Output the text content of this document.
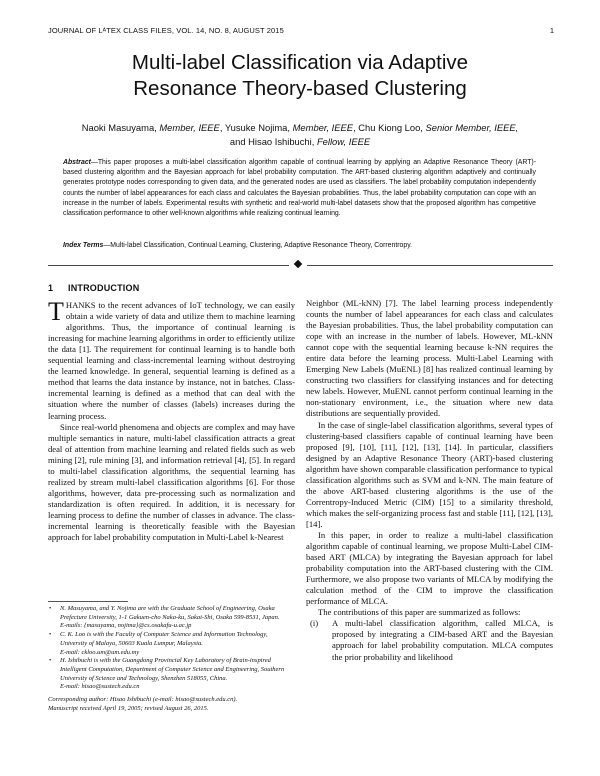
JOURNAL OF LᴬTEX CLASS FILES, VOL. 14, NO. 8, AUGUST 2015	1
Multi-label Classification via Adaptive
Resonance Theory-based Clustering
Naoki Masuyama, Member, IEEE, Yusuke Nojima, Member, IEEE, Chu Kiong Loo, Senior Member, IEEE,
and Hisao Ishibuchi, Fellow, IEEE
Abstract—This paper proposes a multi-label classification algorithm capable of continual learning by applying an Adaptive Resonance Theory (ART)-based clustering algorithm and the Bayesian approach for label probability computation. The ART-based clustering algorithm adaptively and continually generates prototype nodes corresponding to given data, and the generated nodes are used as classifiers. The label probability computation independently counts the number of label appearances for each class and calculates the Bayesian probabilities. Thus, the label probability computation can cope with an increase in the number of labels. Experimental results with synthetic and real-world multi-label datasets show that the proposed algorithm has competitive classification performance to other well-known algorithms while realizing continual learning.
Index Terms—Multi-label Classification, Continual Learning, Clustering, Adaptive Resonance Theory, Correntropy.
1 INTRODUCTION

THANKS to the recent advances of IoT technology, we can easily obtain a wide variety of data and utilize them to machine learning algorithms. Thus, the importance of continual learning is increasing for machine learning algorithms in order to efficiently utilize the data [1]. The requirement for continual learning is to handle both sequential learning and class-incremental learning without destroying the learned knowledge. In general, sequential learning is defined as a method that learns the data instance by instance, not in batches. Class-incremental learning is defined as a method that can deal with the situation where the number of classes (labels) increases during the learning process.

Since real-world phenomena and objects are complex and may have multiple semantics in nature, multi-label classification attracts a great deal of attention from machine learning and related fields such as web mining [2], rule mining [3], and information retrieval [4], [5]. In regard to multi-label classification algorithms, the sequential learning has realized by stream multi-label classification algorithms [6]. For those algorithms, however, data pre-processing such as normalization and standardization is often required. In addition, it is necessary for learning process to define the number of classes in advance. The class-incremental learning is theoretically feasible with the Bayesian approach for label probability computation in Multi-Label k-Nearest

• N. Masuyama, and Y. Nojima are with the Graduate School of Engineering, Osaka Prefecture University, 1-1 Gakuen-cho Naka-ku, Sakai-Shi, Osaka 599-8531, Japan.
E-mails: {masuyama, nojima}@cs.osakafu-u.ac.jp
• C. K. Loo is with the Faculty of Computer Science and Information Technology, University of Malaya, 50603 Kuala Lumpur, Malaysia.
E-mail: ckloo.um@um.edu.my
• H. Ishibuchi is with the Guangdong Provincial Key Laboratory of Brain-inspired Intelligent Computation, Department of Computer Science and Engineering, Southern University of Science and Technology, Shenzhen 518055, China.
E-mail: hisao@sustech.edu.cn
Corresponding author: Hisao Ishibuchi (e-mail: hisao@sustech.edu.cn).
Manuscript received April 19, 2005; revised August 26, 2015.

Neighbor (ML-kNN) [7]. The label learning process independently counts the number of label appearances for each class and calculates the Bayesian probabilities. Thus, the label probability computation can cope with an increase in the number of labels. However, ML-kNN cannot cope with the sequential learning because k-NN requires the entire data before the learning process. Multi-Label Learning with Emerging New Labels (MuENL) [8] has realized continual learning by constructing two classifiers for classifying instances and for detecting new labels. However, MuENL cannot perform continual learning in the non-stationary environment, i.e., the situation where new data distributions are sequentially provided.

In the case of single-label classification algorithms, several types of clustering-based classifiers capable of continual learning have been proposed [9], [10], [11], [12], [13], [14]. In particular, classifiers designed by an Adaptive Resonance Theory (ART)-based clustering algorithm have shown comparable classification performance to typical classification algorithms such as SVM and k-NN. The main feature of the above ART-based clustering algorithms is the use of the Correntropy-Induced Metric (CIM) [15] to a similarity threshold, which makes the self-organizing process fast and stable [11], [12], [13], [14].

In this paper, in order to realize a multi-label classification algorithm capable of continual learning, we propose Multi-Label CIM-based ART (MLCA) by integrating the Bayesian approach for label probability computation into the ART-based clustering with the CIM. Furthermore, we also propose two variants of MLCA by modifying the calculation method of the CIM to improve the classification performance of MLCA.

The contributions of this paper are summarized as follows:

(i) A multi-label classification algorithm, called MLCA, is proposed by integrating a CIM-based ART and the Bayesian approach for label probability computation. MLCA computes the prior probability and likelihood
